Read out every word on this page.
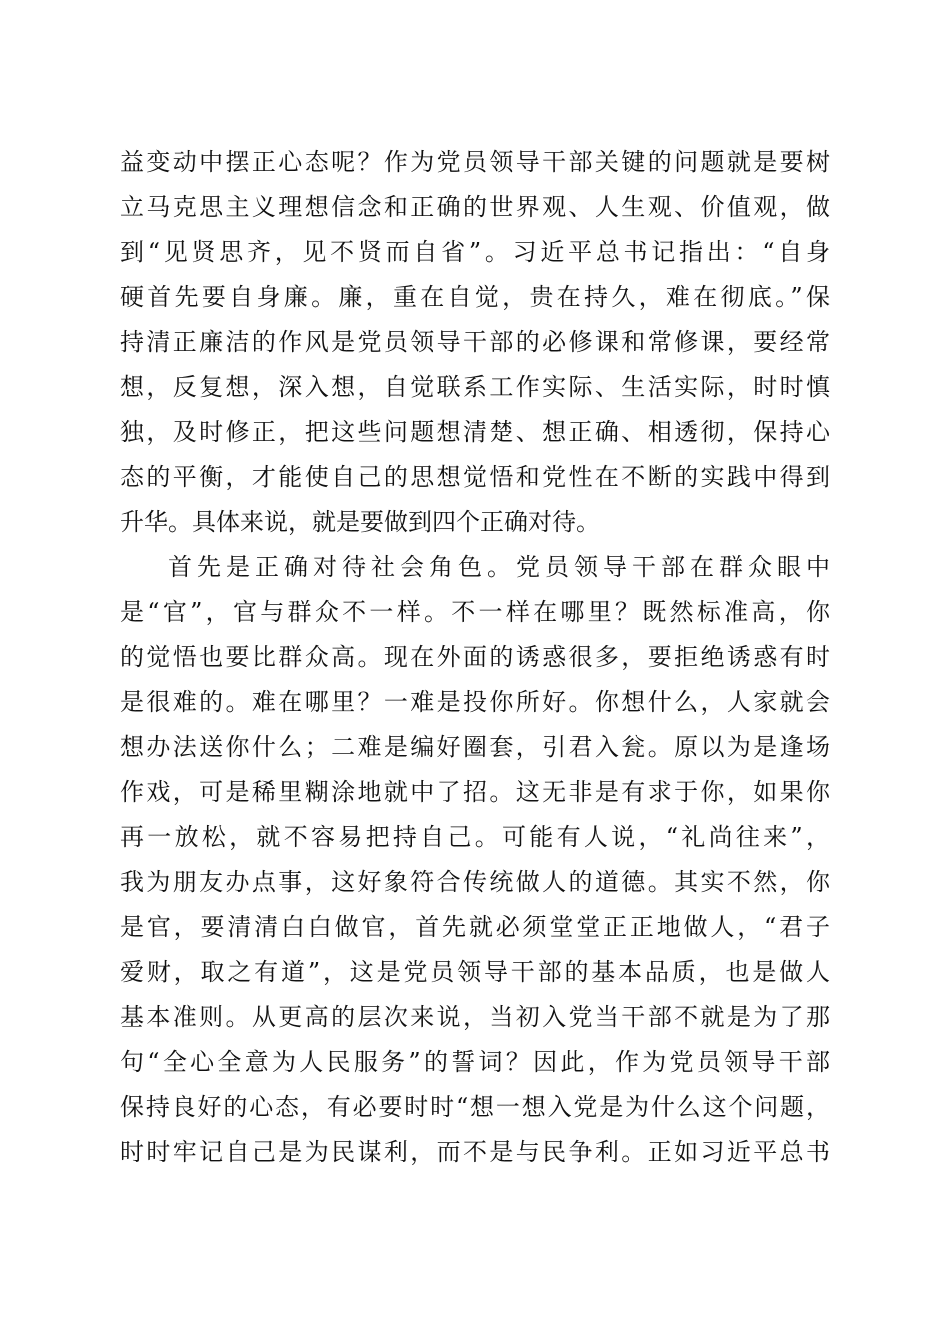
益变动中摆正心态呢？作为党员领导干部关键的问题就是要树
立马克思主义理想信念和正确的世界观、人生观、价值观，做
到“见贤思齐，见不贤而自省”。习近平总书记指出：“自身
硬首先要自身廉。廉，重在自觉，贵在持久，难在彻底。”保
持清正廉洁的作风是党员领导干部的必修课和常修课，要经常
想，反复想，深入想，自觉联系工作实际、生活实际，时时慎
独，及时修正，把这些问题想清楚、想正确、相透彻，保持心
态的平衡，才能使自己的思想觉悟和党性在不断的实践中得到
升华。具体来说，就是要做到四个正确对待。
首先是正确对待社会角色。党员领导干部在群众眼中
是“官”，官与群众不一样。不一样在哪里？既然标准高，你
的觉悟也要比群众高。现在外面的诱惑很多，要拒绝诱惑有时
是很难的。难在哪里？一难是投你所好。你想什么，人家就会
想办法送你什么；二难是编好圈套，引君入瓮。原以为是逢场
作戏，可是稀里糊涂地就中了招。这无非是有求于你，如果你
再一放松，就不容易把持自己。可能有人说，“礼尚往来”，
我为朋友办点事，这好象符合传统做人的道德。其实不然，你
是官，要清清白白做官，首先就必须堂堂正正地做人，“君子
爱财，取之有道”，这是党员领导干部的基本品质，也是做人
基本准则。从更高的层次来说，当初入党当干部不就是为了那
句“全心全意为人民服务”的誓词？因此，作为党员领导干部
保持良好的心态，有必要时时“想一想入党是为什么这个问题，
时时牢记自己是为民谋利，而不是与民争利。正如习近平总书
